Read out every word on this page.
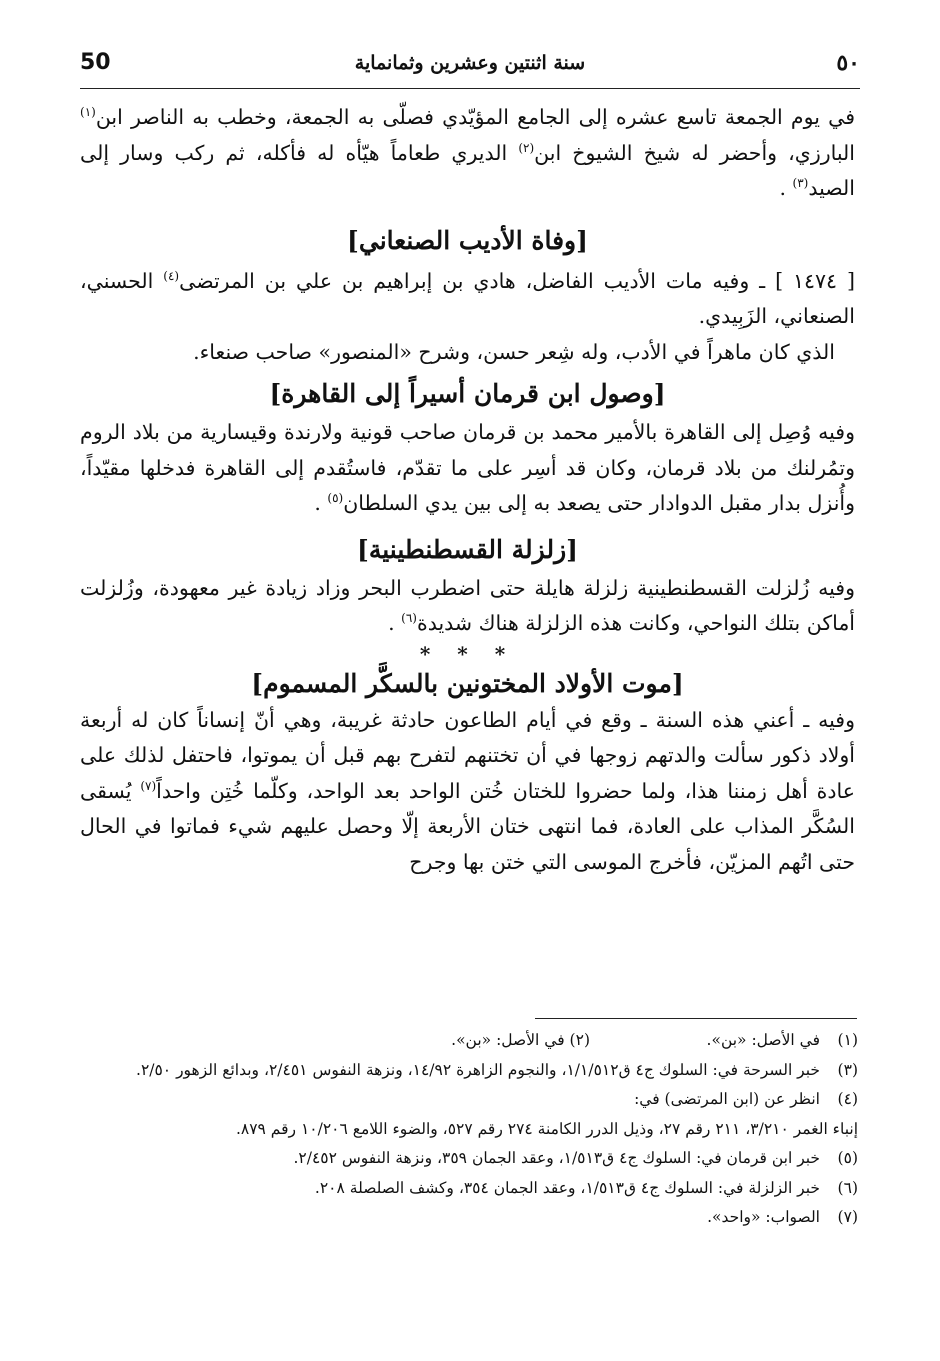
50	سنة اثنتين وعشرين وثمانماية	٥٠

في يوم الجمعة تاسع عشره إلى الجامع المؤيّدي فصلّى به الجمعة، وخطب به الناصر ابن$^{(١)}$ البارزي، وأحضر له شيخ الشيوخ ابن$^{(٢)}$ الديري طعاماً هيّأه له فأكله، ثم ركب وسار إلى الصيد$^{(٣)}$ .

[وفاة الأديب الصنعاني]

[ ١٤٧٤ ] ـ وفيه مات الأديب الفاضل، هادي بن إبراهيم بن علي بن المرتضى$^{(٤)}$ الحسني، الصنعاني، الزَبِيدي.

الذي كان ماهراً في الأدب، وله شِعر حسن، وشرح «المنصور» صاحب صنعاء.

[وصول ابن قرمان أسيراً إلى القاهرة]

وفيه وُصِل إلى القاهرة بالأمير محمد بن قرمان صاحب قونية ولارندة وقيسارية من بلاد الروم وتمُرلنك من بلاد قرمان، وكان قد أسِر على ما تقدّم، فاستُقدم إلى القاهرة فدخلها مقيّداً، وأُنزل بدار مقبل الدوادار حتى يصعد به إلى بين يدي السلطان$^{(٥)}$ .

[زلزلة القسطنطينية]

وفيه زُلزلت القسطنطينية زلزلة هايلة حتى اضطرب البحر وزاد زيادة غير معهودة، وزُلزلت أماكن بتلك النواحي، وكانت هذه الزلزلة هناك شديدة$^{(٦)}$ .

* * *
[موت الأولاد المختونين بالسكَّر المسموم]

وفيه ـ أعني هذه السنة ـ وقع في أيام الطاعون حادثة غريبة، وهي أنّ إنساناً كان له أربعة أولاد ذكور سألت والدتهم زوجها في أن تختنهم لتفرح بهم قبل أن يموتوا، فاحتفل لذلك على عادة أهل زمننا هذا، ولما حضروا للختان خُتن الواحد بعد الواحد، وكلّما خُتِن واحداً$^{(٧)}$ يُسقى السُكَّر المذاب على العادة، فما انتهى ختان الأربعة إلّا وحصل عليهم شيء فماتوا في الحال حتى اتُهم المزيّن، فأخرج الموسى التي ختن بها وجرح

(١)
في الأصل: «بن».
(٢) في الأصل: «بن».
(٣)
خبر السرحة في: السلوك ج٤ ق١/١/٥١٢، والنجوم الزاهرة ١٤/٩٢، ونزهة النفوس ٢/٤٥١، وبدائع الزهور ٢/٥٠.
(٤)
انظر عن (ابن المرتضى) في:
إنباء الغمر ٣/٢١٠، ٢١١ رقم ٢٧، وذيل الدرر الكامنة ٢٧٤ رقم ٥٢٧، والضوء اللامع ١٠/٢٠٦ رقم ٨٧٩.
(٥)
خبر ابن قرمان في: السلوك ج٤ ق١/٥١٣، وعقد الجمان ٣٥٩، ونزهة النفوس ٢/٤٥٢.
(٦)
خبر الزلزلة في: السلوك ج٤ ق١/٥١٣، وعقد الجمان ٣٥٤، وكشف الصلصلة ٢٠٨.
(٧)
الصواب: «واحد».
